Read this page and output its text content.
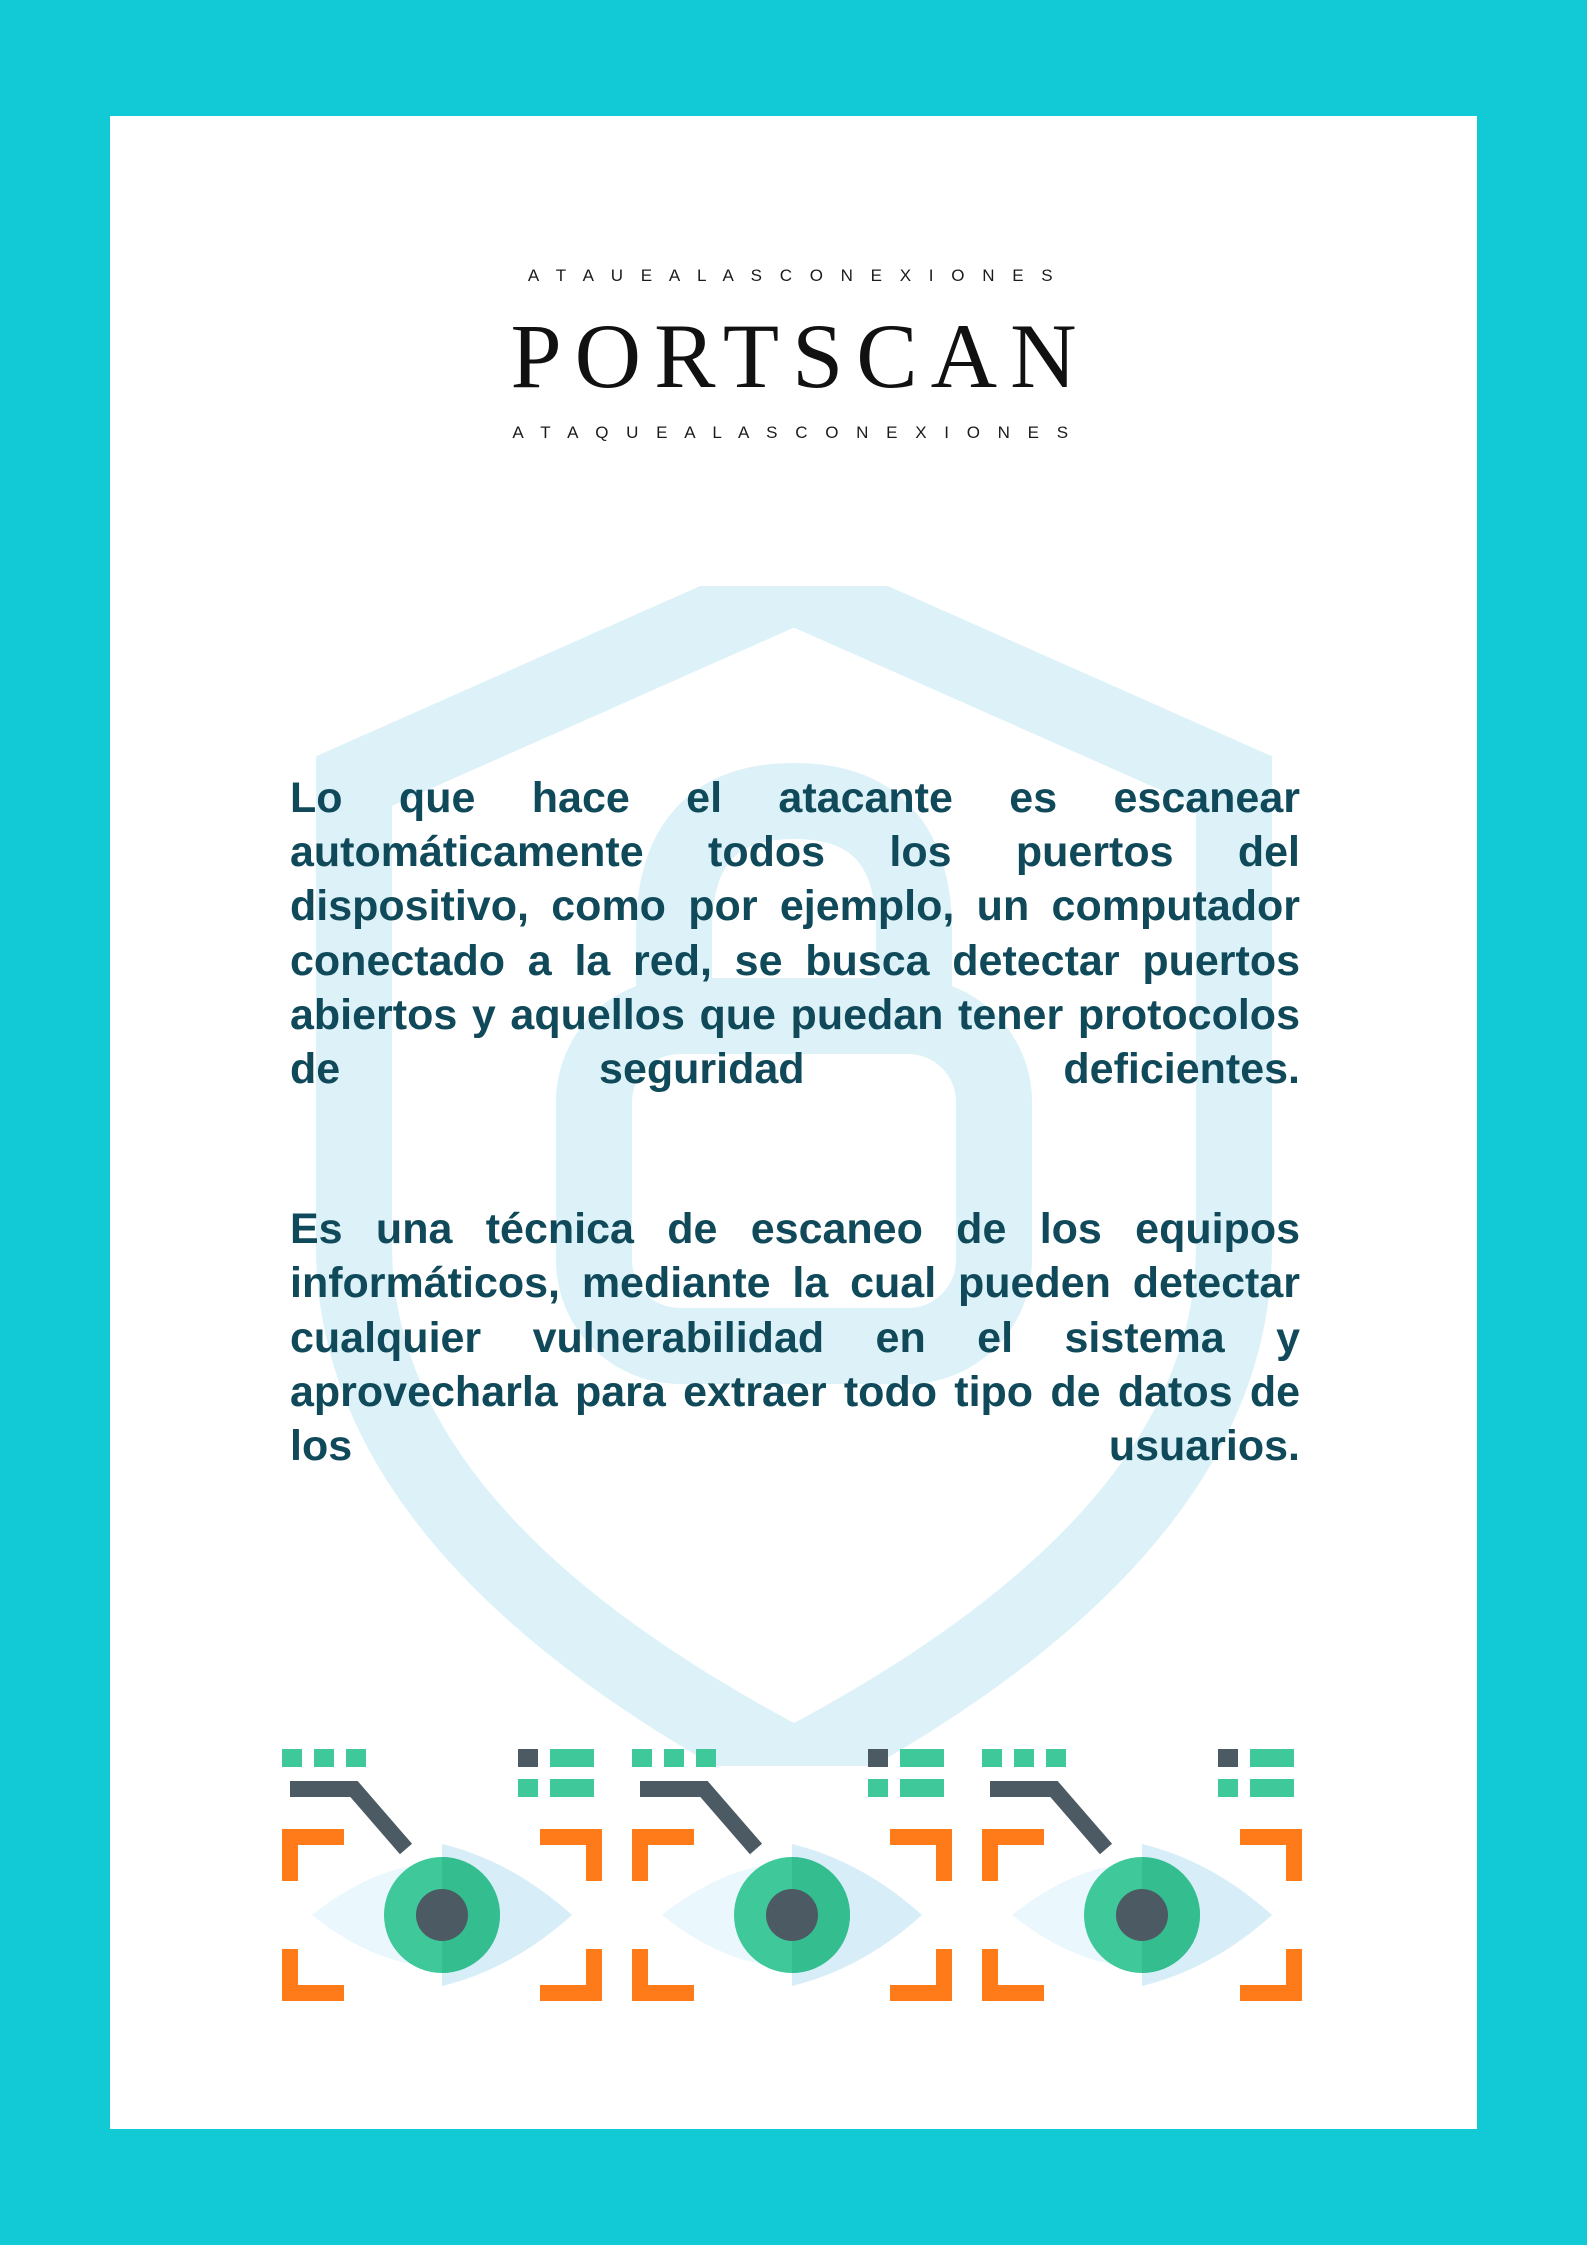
A T A U E A L A S C O N E X I O N E S
PORTSCAN
A T A Q U E A L A S C O N E X I O N E S

Lo que hace el atacante es escanear automáticamente todos los puertos del dispositivo, como por ejemplo, un computador conectado a la red, se busca detectar puertos abiertos y aquellos que puedan tener protocolos de seguridad deficientes.

Es una técnica de escaneo de los equipos informáticos, mediante la cual pueden detectar cualquier vulnerabilidad en el sistema y aprovecharla para extraer todo tipo de datos de los usuarios.
